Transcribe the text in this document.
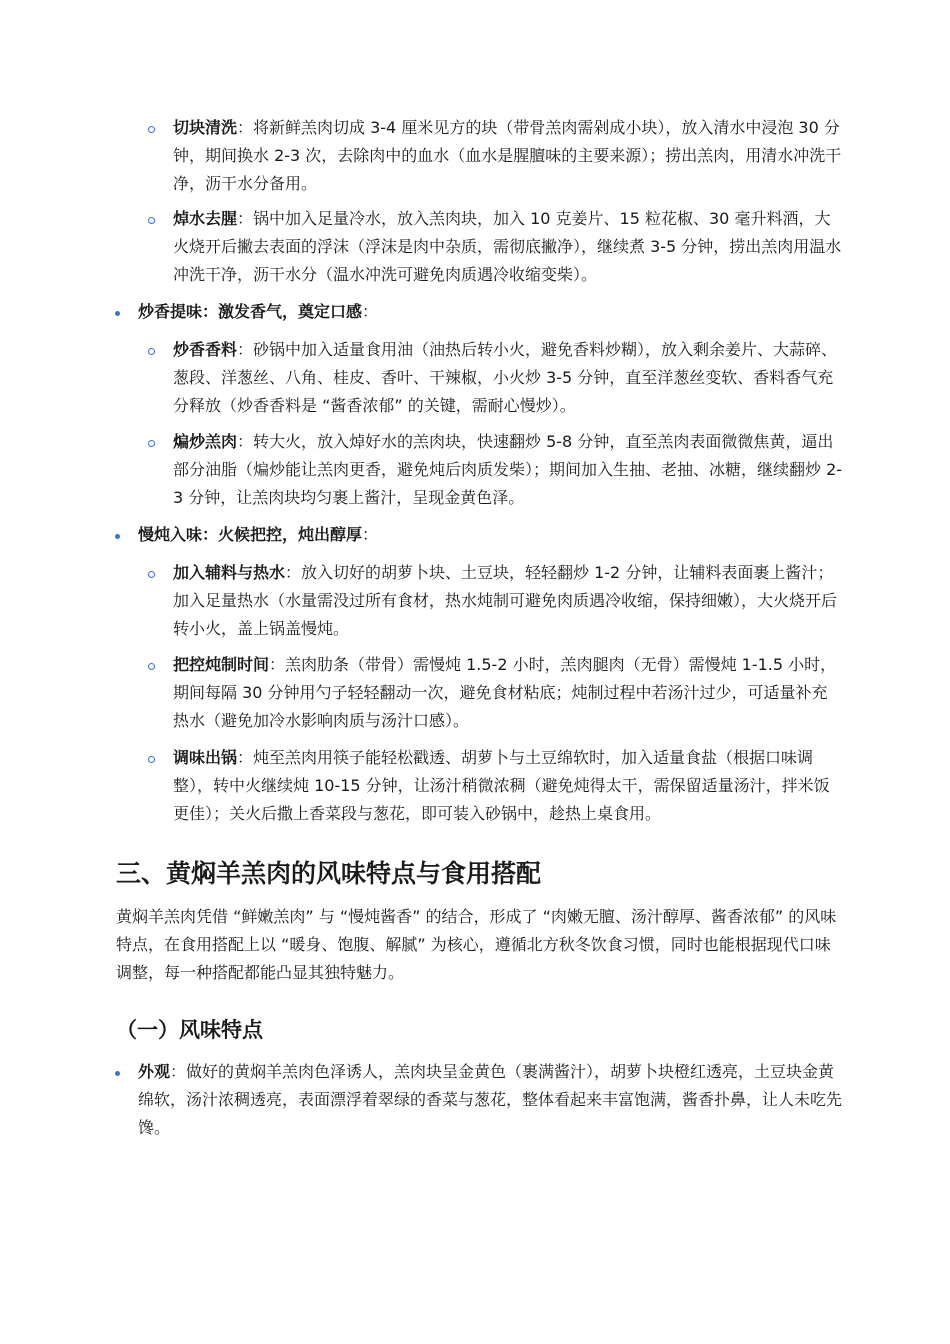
切块清洗：将新鲜羔肉切成 3-4 厘米见方的块（带骨羔肉需剁成小块），放入清水中浸泡 30 分钟，期间换水 2-3 次，去除肉中的血水（血水是腥膻味的主要来源）；捞出羔肉，用清水冲洗干净，沥干水分备用。
焯水去腥：锅中加入足量冷水，放入羔肉块，加入 10 克姜片、15 粒花椒、30 毫升料酒，大火烧开后撇去表面的浮沫（浮沫是肉中杂质，需彻底撇净），继续煮 3-5 分钟，捞出羔肉用温水冲洗干净，沥干水分（温水冲洗可避免肉质遇冷收缩变柴）。
炒香提味：激发香气，奠定口感：
炒香香料：砂锅中加入适量食用油（油热后转小火，避免香料炒糊），放入剩余姜片、大蒜碎、葱段、洋葱丝、八角、桂皮、香叶、干辣椒，小火炒 3-5 分钟，直至洋葱丝变软、香料香气充分释放（炒香香料是 “酱香浓郁” 的关键，需耐心慢炒）。
煸炒羔肉：转大火，放入焯好水的羔肉块，快速翻炒 5-8 分钟，直至羔肉表面微微焦黄，逼出部分油脂（煸炒能让羔肉更香，避免炖后肉质发柴）；期间加入生抽、老抽、冰糖，继续翻炒 2-3 分钟，让羔肉块均匀裹上酱汁，呈现金黄色泽。
慢炖入味：火候把控，炖出醇厚：
加入辅料与热水：放入切好的胡萝卜块、土豆块，轻轻翻炒 1-2 分钟，让辅料表面裹上酱汁；加入足量热水（水量需没过所有食材，热水炖制可避免肉质遇冷收缩，保持细嫩），大火烧开后转小火，盖上锅盖慢炖。
把控炖制时间：羔肉肋条（带骨）需慢炖 1.5-2 小时，羔肉腿肉（无骨）需慢炖 1-1.5 小时，期间每隔 30 分钟用勺子轻轻翻动一次，避免食材粘底；炖制过程中若汤汁过少，可适量补充热水（避免加冷水影响肉质与汤汁口感）。
调味出锅：炖至羔肉用筷子能轻松戳透、胡萝卜与土豆绵软时，加入适量食盐（根据口味调整），转中火继续炖 10-15 分钟，让汤汁稍微浓稠（避免炖得太干，需保留适量汤汁，拌米饭更佳）；关火后撒上香菜段与葱花，即可装入砂锅中，趁热上桌食用。
三、黄焖羊羔肉的风味特点与食用搭配
黄焖羊羔肉凭借 “鲜嫩羔肉” 与 “慢炖酱香” 的结合，形成了 “肉嫩无膻、汤汁醇厚、酱香浓郁” 的风味特点，在食用搭配上以 “暖身、饱腹、解腻” 为核心，遵循北方秋冬饮食习惯，同时也能根据现代口味调整，每一种搭配都能凸显其独特魅力。
（一）风味特点
外观：做好的黄焖羊羔肉色泽诱人，羔肉块呈金黄色（裹满酱汁），胡萝卜块橙红透亮，土豆块金黄绵软，汤汁浓稠透亮，表面漂浮着翠绿的香菜与葱花，整体看起来丰富饱满，酱香扑鼻，让人未吃先馋。
